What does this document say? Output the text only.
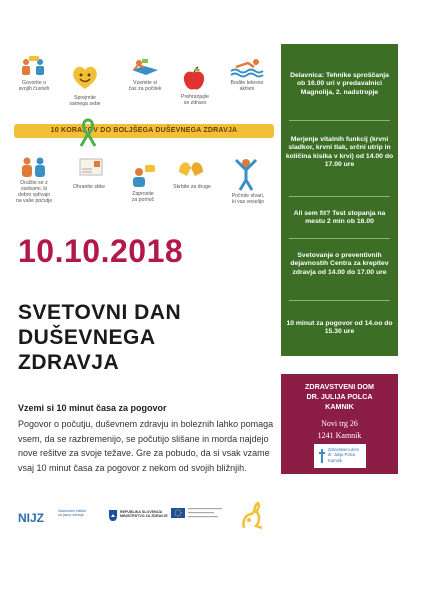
Govorite o
svojih čustvih
Sprejmite
samega sebe
Vzemite si
čas za počitek
Prehranjujte
se zdravo
Bodite telesno
aktivni
10 KORAKOV DO BOLJŠEGA DUŠEVNEGA ZDRAVJA
Družite se z
osebami, ki
dobro vplivajo
na vaše počutje
Ohranite stike
Zaprosite
za pomoč
Skrbite za druge
Počnite stvari,
ki vas veselijo
10.10.2018
SVETOVNI DAN
DUŠEVNEGA
ZDRAVJA
Vzemi si 10 minut časa za pogovor
Pogovor o počutju, duševnem zdravju in boleznih lahko pomaga vsem, da se razbremenijo, se počutijo slišane in morda najdejo nove rešitve za svoje težave. Gre za pobudo, da si vsak vzame vsaj 10 minut časa za pogovor z nekom od svojih bližnjih.
Delavnica: Tehnike sproščanja ob 16.00 uri v predavalnici Magnolija, 2. nadstropje
Merjenje vitalnih funkcij (krvni sladkor, krvni tlak, srčni utrip in količina kisika v krvi) od 14.00 do 17.00 ure
Ali sem fit? Test stopanja na mestu 2 min ob 16.00
Svetovanje o preventivnih dejavnostih Centra za krepitev zdravja od 14.00 do 17.00 ure
10 minut za pogovor od 14.oo do 15.30 ure
ZDRAVSTVENI DOM
DR. JULIJA POLCA
KAMNIK
Novi trg 26
1241 Kamnik
Zdravstveni dom
dr. Julija Polca
Kamnik
NIJZ	Nacionalni inštitut
za javno zdravje
REPUBLIKA SLOVENIJA
MINISTRSTVO ZA ZDRAVJE
